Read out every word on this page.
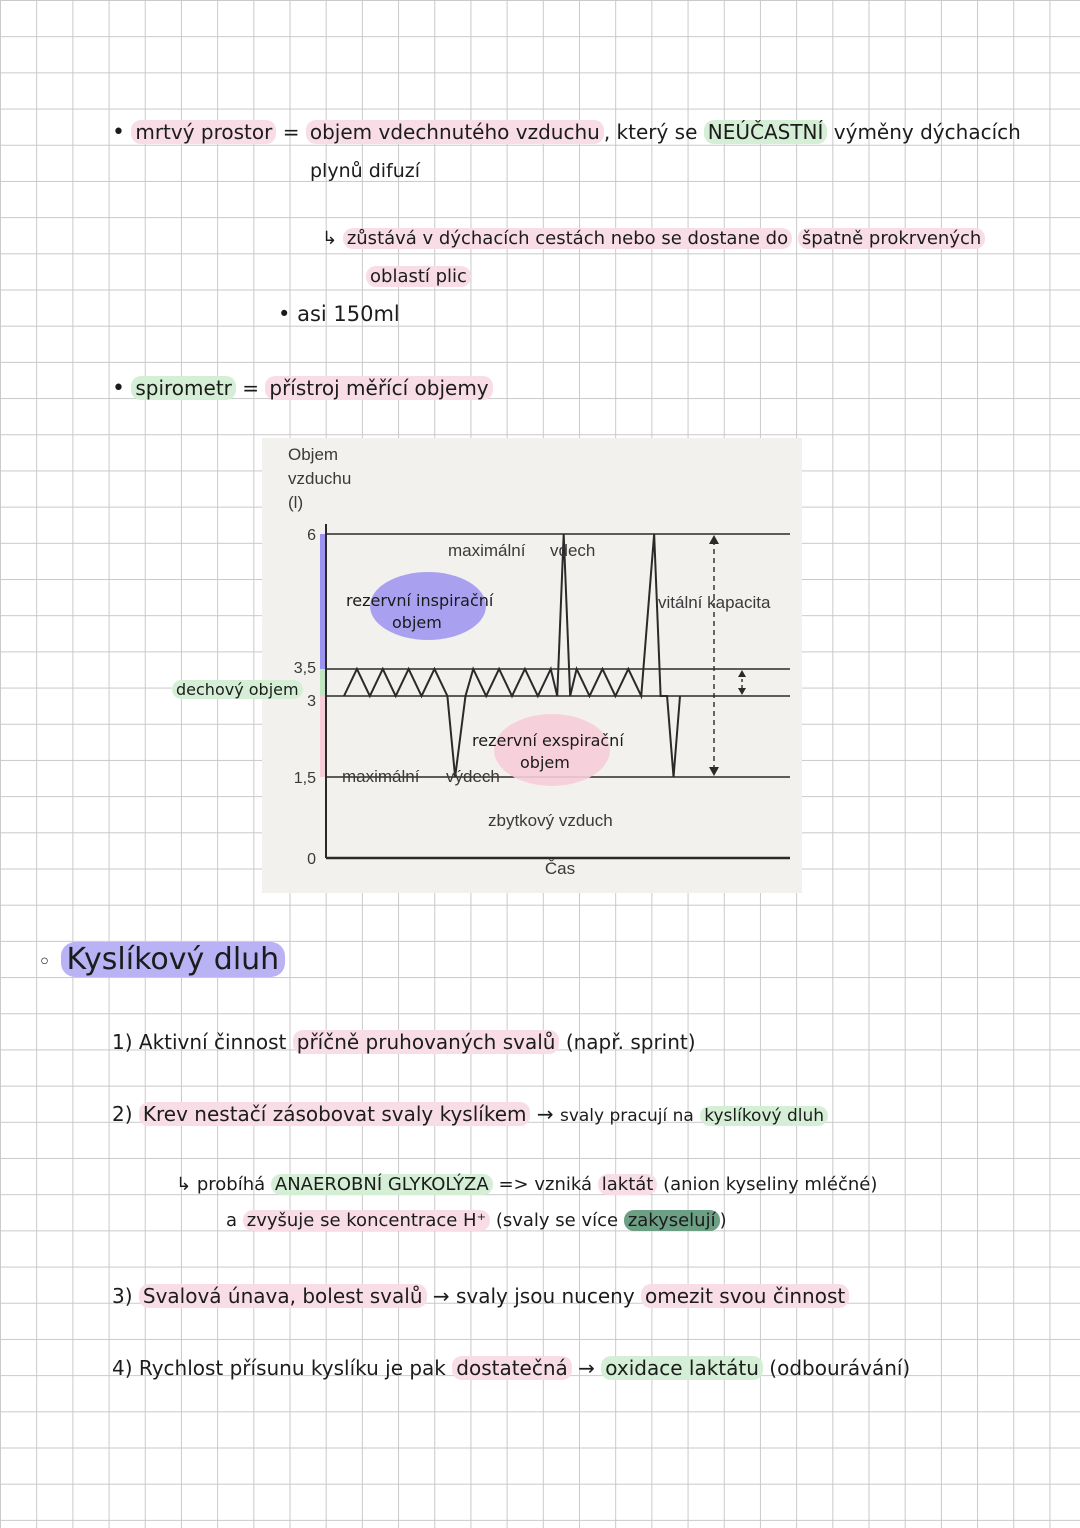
• mrtvý prostor = objem vdechnutého vzduchu , který se NEÚČASTNÍ výměny dýchacích
plynů difuzí
↳ zůstává v dýchacích cestách nebo se dostane do špatně prokrvených
oblastí plic
• asi 150ml
• spirometr = přístroj měřící objemy
6
3,5
3
1,5
0
Objem
vzduchu
(l)
Čas
maximální vdech
vitální kapacita
rezervní inspirační
objem
rezervní exspirační
objem
maximální výdech
zbytkový vzduch
dechový objem
◦ Kyslíkový dluh
1) Aktivní činnost příčně pruhovaných svalů (např. sprint)
2) Krev nestačí zásobovat svaly kyslíkem → svaly pracují na kyslíkový dluh
↳ probíhá ANAEROBNÍ GLYKOLÝZA => vzniká laktát (anion kyseliny mléčné)
a zvyšuje se koncentrace H⁺ (svaly se více zakyselují )
3) Svalová únava, bolest svalů → svaly jsou nuceny omezit svou činnost
4) Rychlost přísunu kyslíku je pak dostatečná → oxidace laktátu (odbourávání)
